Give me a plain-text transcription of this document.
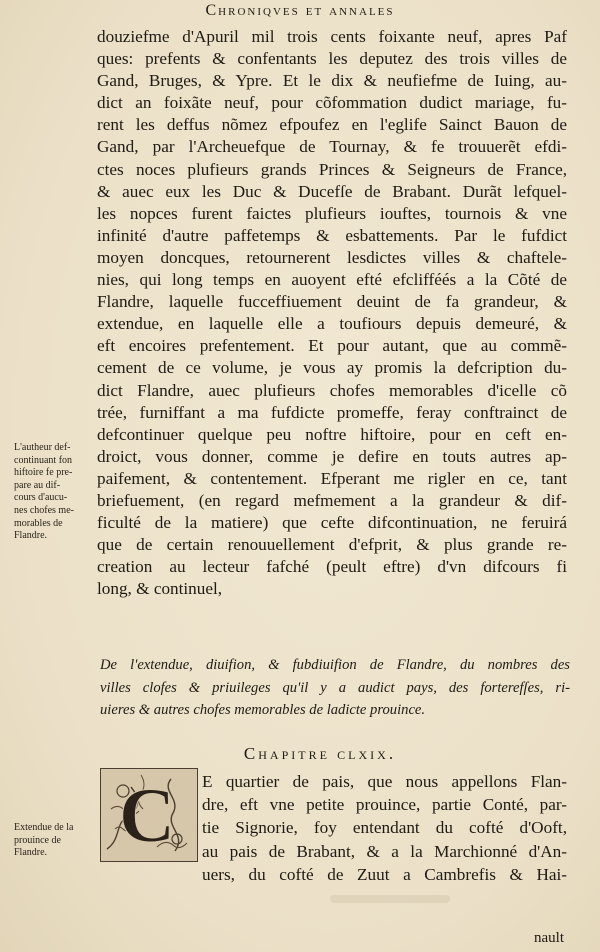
Chroniqves et annales
douziefme d'Apuril mil trois cents foixante neuf, apres Paf
ques: prefents & confentants les deputez des trois villes de
Gand, Bruges, & Ypre. Et le dix & neufiefme de Iuing, au-
dict an foixãte neuf, pour cõfommation dudict mariage, fu-
rent les deffus nõmez efpoufez en l'eglife Sainct Bauon de
Gand, par l'Archeuefque de Tournay, & fe trouuerẽt efdi-
ctes noces plufieurs grands Princes & Seigneurs de France,
& auec eux les Duc & Ducefſe de Brabant. Durãt lefquel-
les nopces furent faictes plufieurs iouftes, tournois & vne
infinité d'autre paffetemps & esbattements. Par le fufdict
moyen doncques, retournerent lesdictes villes & chaftele-
nies, qui long temps en auoyent efté efclifféés a la Cõté de
Flandre, laquelle fucceffiuement deuint de fa grandeur, &
extendue, en laquelle elle a toufiours depuis demeuré, &
eft encoires prefentement. Et pour autant, que au commẽ-
cement de ce volume, je vous ay promis la defcription du-
dict Flandre, auec plufieurs chofes memorables d'icelle cõ
trée, furniffant a ma fufdicte promeffe, feray conftrainct de
defcontinuer quelque peu noftre hiftoire, pour en ceft en-
droict, vous donner, comme je defire en touts autres ap-
paifement, & contentement. Efperant me rigler en ce, tant
briefuement, (en regard mefmement a la grandeur & dif-
ficulté de la matiere) que cefte difcontinuation, ne feruirá
que de certain renouuellement d'efprit, & plus grande re-
creation au lecteur fafché (peult eftre) d'vn difcours fi
long, & continuel,
L'autheur def-
continuant fon
hiftoire fe pre-
pare au dif-
cours d'aucu-
nes chofes me-
morables de
Flandre.
De l'extendue, diuifion, & fubdiuifion de Flandre, du nombres des
villes clofes & priuileges qu'il y a audict pays, des forterefſes, ri-
uieres & autres chofes memorables de ladicte prouince.
Chapitre clxix.
Extendue de la
prouince de
Flandre. C E quartier de pais, que nous appellons Flan-
dre, eft vne petite prouince, partie Conté, par-
tie Signorie, foy entendant du cofté d'Ooft,
au pais de Brabant, & a la Marchionné d'An-
uers, du cofté de Zuut a Cambrefis & Hai-
nault
